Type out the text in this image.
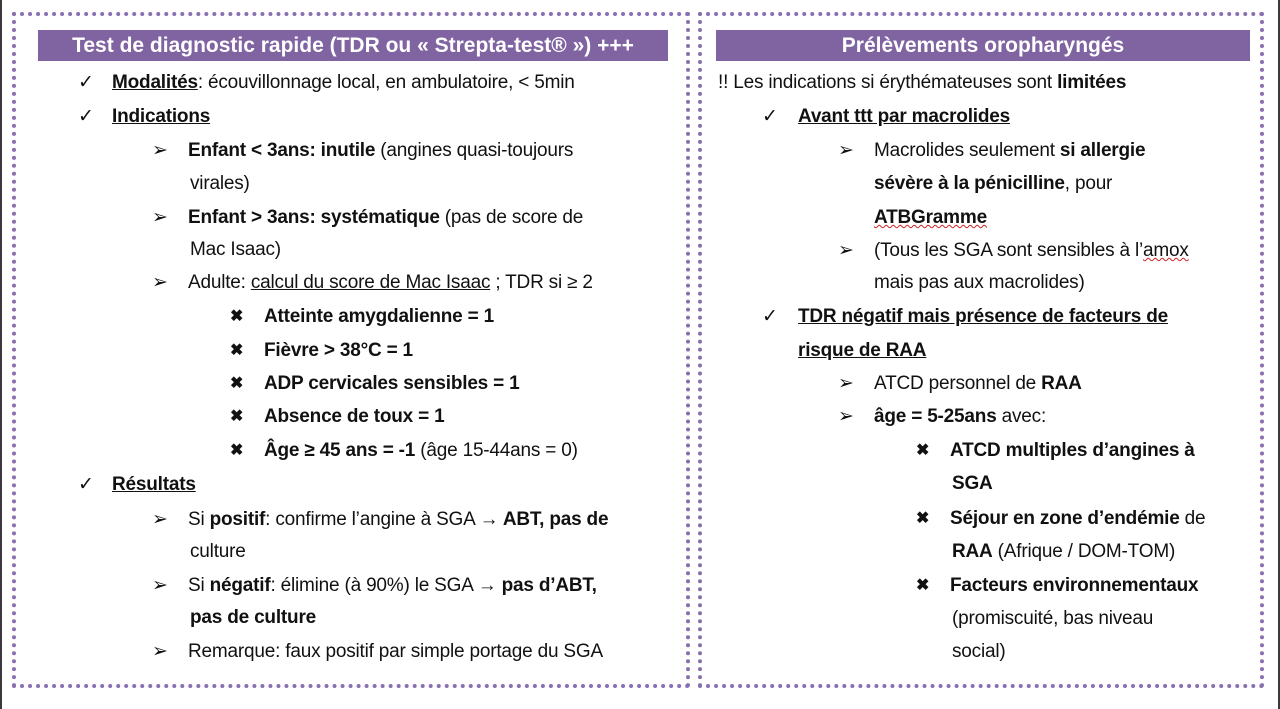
Test de diagnostic rapide (TDR ou « Strepta-test® ») +++
✓ Modalités: écouvillonnage local, en ambulatoire, < 5min
✓ Indications
➢ Enfant < 3ans: inutile (angines quasi-toujours
virales)
➢ Enfant > 3ans: systématique (pas de score de
Mac Isaac)
➢ Adulte: calcul du score de Mac Isaac ; TDR si ≥ 2
✖ Atteinte amygdalienne = 1
✖ Fièvre > 38°C = 1
✖ ADP cervicales sensibles = 1
✖ Absence de toux = 1
✖ Âge ≥ 45 ans = -1 (âge 15-44ans = 0)
✓ Résultats
➢ Si positif: confirme l’angine à SGA → ABT, pas de
culture
➢ Si négatif: élimine (à 90%) le SGA → pas d’ABT,
pas de culture
➢ Remarque: faux positif par simple portage du SGA
Prélèvements oropharyngés
!! Les indications si érythémateuses sont limitées
✓ Avant ttt par macrolides
➢ Macrolides seulement si allergie
sévère à la pénicilline, pour
ATBGramme
➢ (Tous les SGA sont sensibles à l’amox
mais pas aux macrolides)
✓ TDR négatif mais présence de facteurs de
risque de RAA
➢ ATCD personnel de RAA
➢ âge = 5-25ans avec:
✖ ATCD multiples d’angines à
SGA
✖ Séjour en zone d’endémie de
RAA (Afrique / DOM-TOM)
✖ Facteurs environnementaux
(promiscuité, bas niveau
social)
